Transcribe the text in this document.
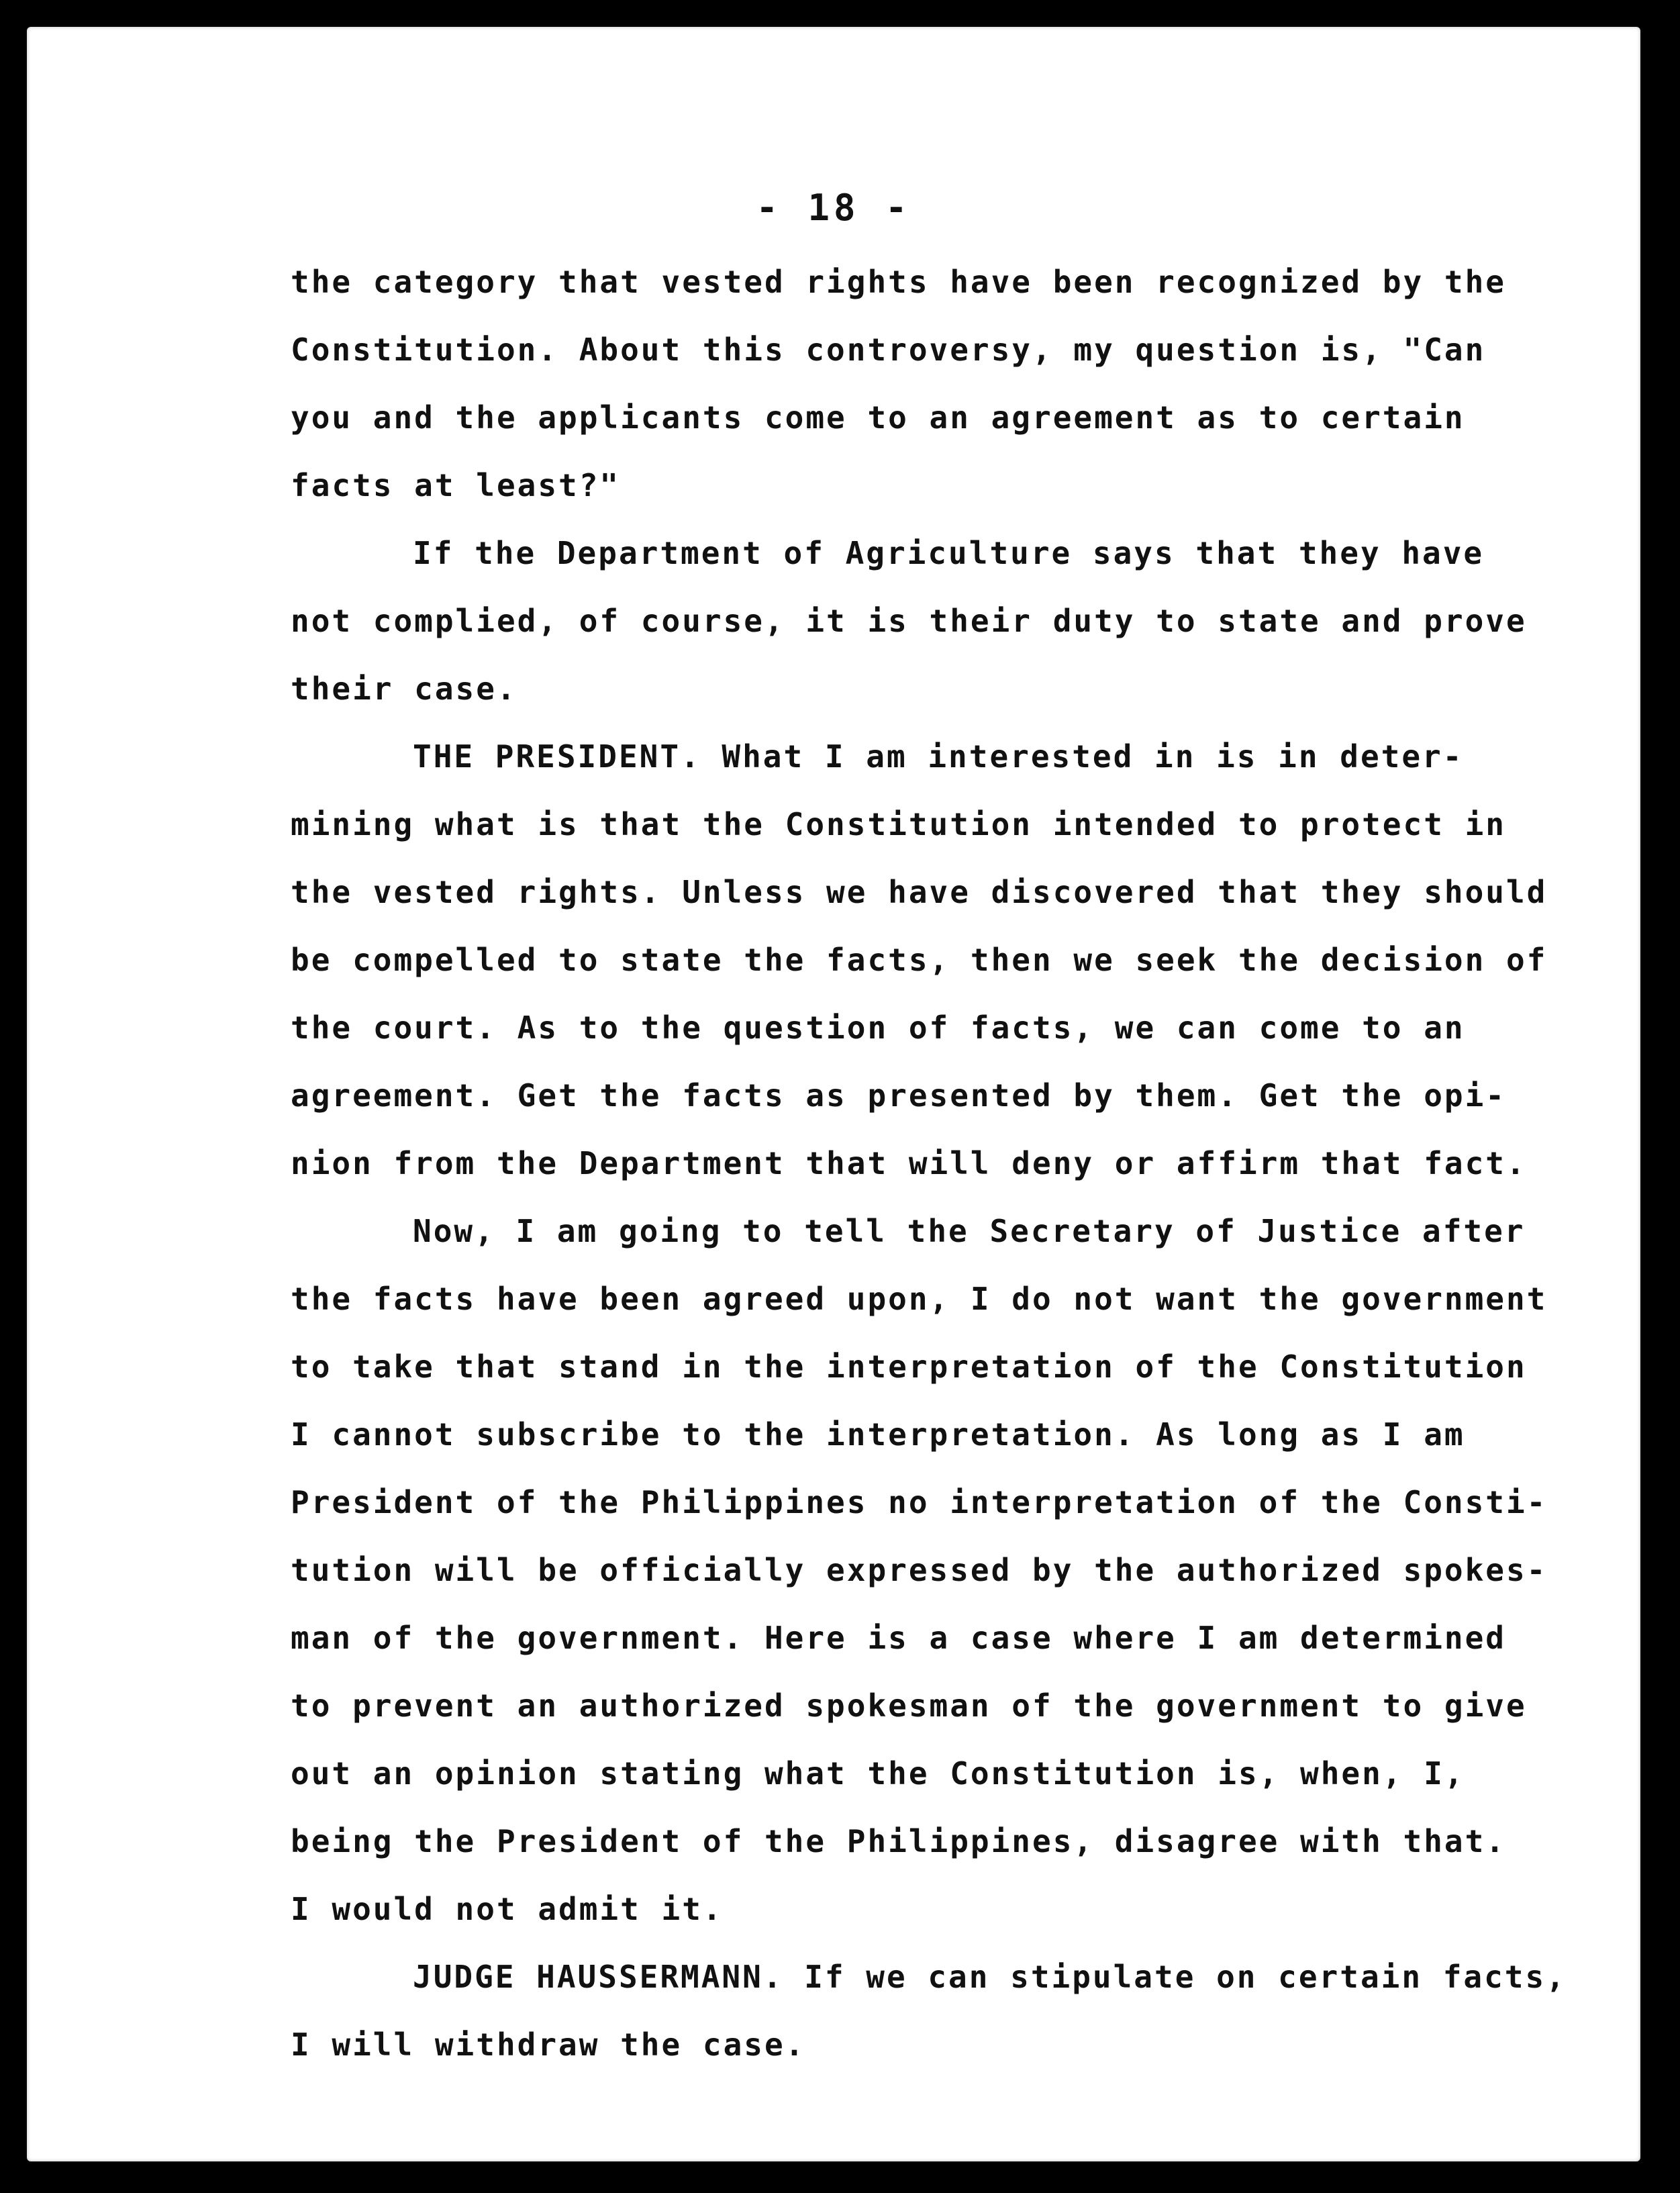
- 18 -
the category that vested rights have been recognized by the
Constitution. About this controversy, my question is, "Can
you and the applicants come to an agreement as to certain
facts at least?"
If the Department of Agriculture says that they have
not complied, of course, it is their duty to state and prove
their case.
THE PRESIDENT. What I am interested in is in deter-
mining what is that the Constitution intended to protect in
the vested rights. Unless we have discovered that they should
be compelled to state the facts, then we seek the decision of
the court. As to the question of facts, we can come to an
agreement. Get the facts as presented by them. Get the opi-
nion from the Department that will deny or affirm that fact.
Now, I am going to tell the Secretary of Justice after
the facts have been agreed upon, I do not want the government
to take that stand in the interpretation of the Constitution
I cannot subscribe to the interpretation. As long as I am
President of the Philippines no interpretation of the Consti-
tution will be officially expressed by the authorized spokes-
man of the government. Here is a case where I am determined
to prevent an authorized spokesman of the government to give
out an opinion stating what the Constitution is, when, I,
being the President of the Philippines, disagree with that.
I would not admit it.
JUDGE HAUSSERMANN. If we can stipulate on certain facts,
I will withdraw the case.
